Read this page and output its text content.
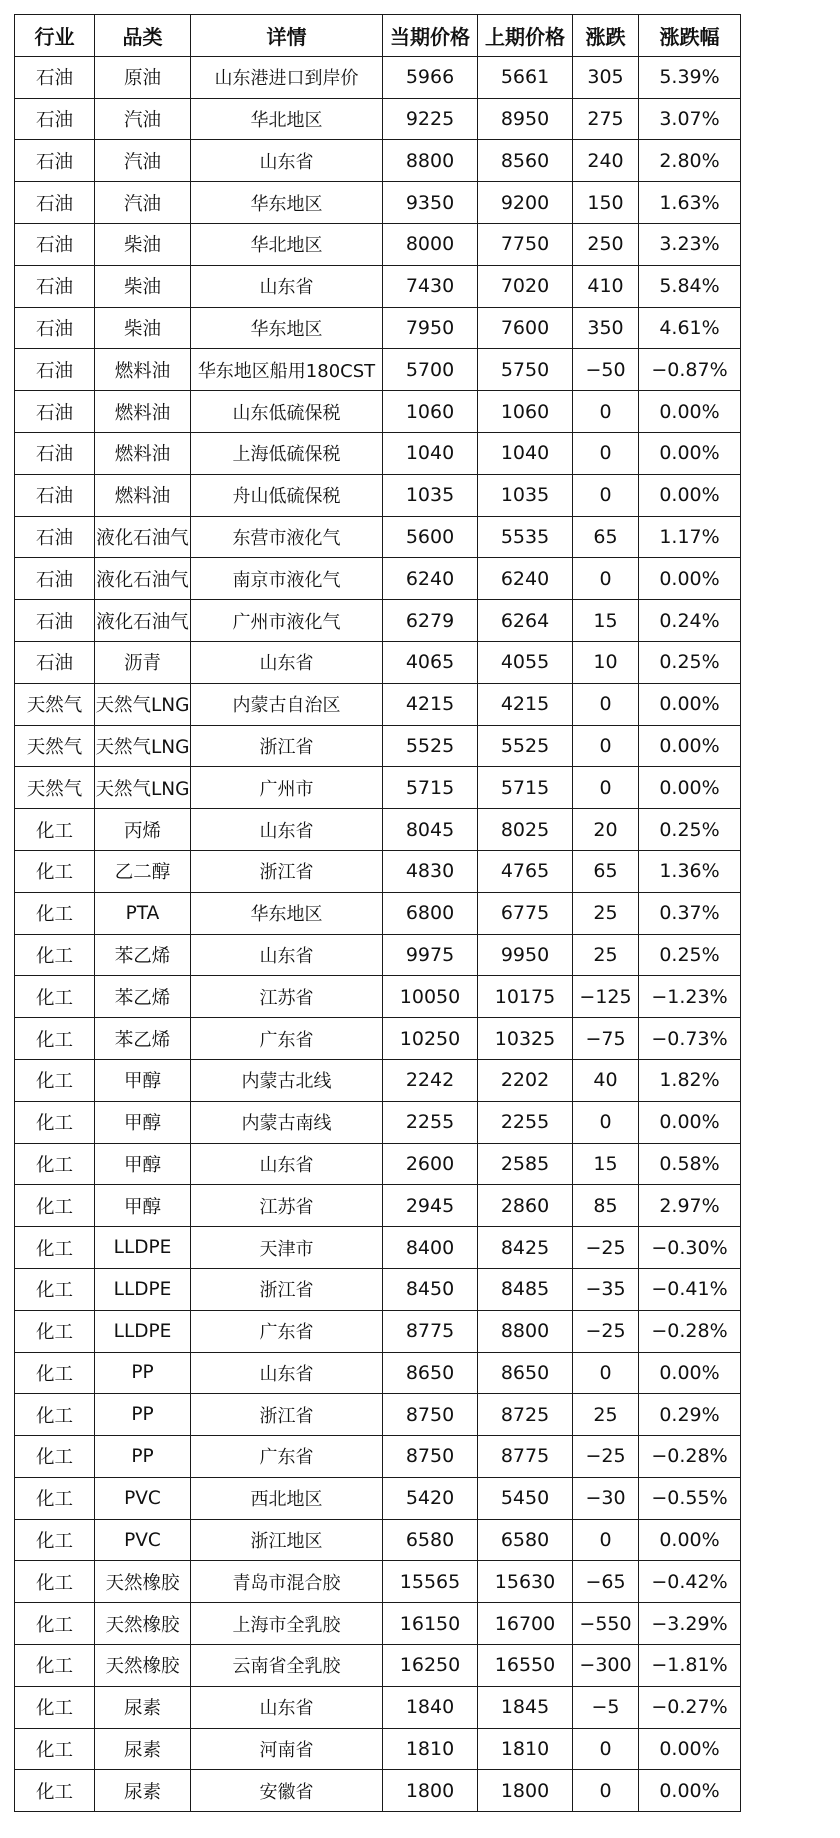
行业	品类	详情	当期价格	上期价格	涨跌	涨跌幅
石油	原油	山东港进口到岸价	5966	5661	305	5.39%
石油	汽油	华北地区	9225	8950	275	3.07%
石油	汽油	山东省	8800	8560	240	2.80%
石油	汽油	华东地区	9350	9200	150	1.63%
石油	柴油	华北地区	8000	7750	250	3.23%
石油	柴油	山东省	7430	7020	410	5.84%
石油	柴油	华东地区	7950	7600	350	4.61%
石油	燃料油	华东地区船用180CST	5700	5750	−50	−0.87%
石油	燃料油	山东低硫保税	1060	1060	0	0.00%
石油	燃料油	上海低硫保税	1040	1040	0	0.00%
石油	燃料油	舟山低硫保税	1035	1035	0	0.00%
石油	液化石油气	东营市液化气	5600	5535	65	1.17%
石油	液化石油气	南京市液化气	6240	6240	0	0.00%
石油	液化石油气	广州市液化气	6279	6264	15	0.24%
石油	沥青	山东省	4065	4055	10	0.25%
天然气	天然气LNG	内蒙古自治区	4215	4215	0	0.00%
天然气	天然气LNG	浙江省	5525	5525	0	0.00%
天然气	天然气LNG	广州市	5715	5715	0	0.00%
化工	丙烯	山东省	8045	8025	20	0.25%
化工	乙二醇	浙江省	4830	4765	65	1.36%
化工	PTA	华东地区	6800	6775	25	0.37%
化工	苯乙烯	山东省	9975	9950	25	0.25%
化工	苯乙烯	江苏省	10050	10175	−125	−1.23%
化工	苯乙烯	广东省	10250	10325	−75	−0.73%
化工	甲醇	内蒙古北线	2242	2202	40	1.82%
化工	甲醇	内蒙古南线	2255	2255	0	0.00%
化工	甲醇	山东省	2600	2585	15	0.58%
化工	甲醇	江苏省	2945	2860	85	2.97%
化工	LLDPE	天津市	8400	8425	−25	−0.30%
化工	LLDPE	浙江省	8450	8485	−35	−0.41%
化工	LLDPE	广东省	8775	8800	−25	−0.28%
化工	PP	山东省	8650	8650	0	0.00%
化工	PP	浙江省	8750	8725	25	0.29%
化工	PP	广东省	8750	8775	−25	−0.28%
化工	PVC	西北地区	5420	5450	−30	−0.55%
化工	PVC	浙江地区	6580	6580	0	0.00%
化工	天然橡胶	青岛市混合胶	15565	15630	−65	−0.42%
化工	天然橡胶	上海市全乳胶	16150	16700	−550	−3.29%
化工	天然橡胶	云南省全乳胶	16250	16550	−300	−1.81%
化工	尿素	山东省	1840	1845	−5	−0.27%
化工	尿素	河南省	1810	1810	0	0.00%
化工	尿素	安徽省	1800	1800	0	0.00%
